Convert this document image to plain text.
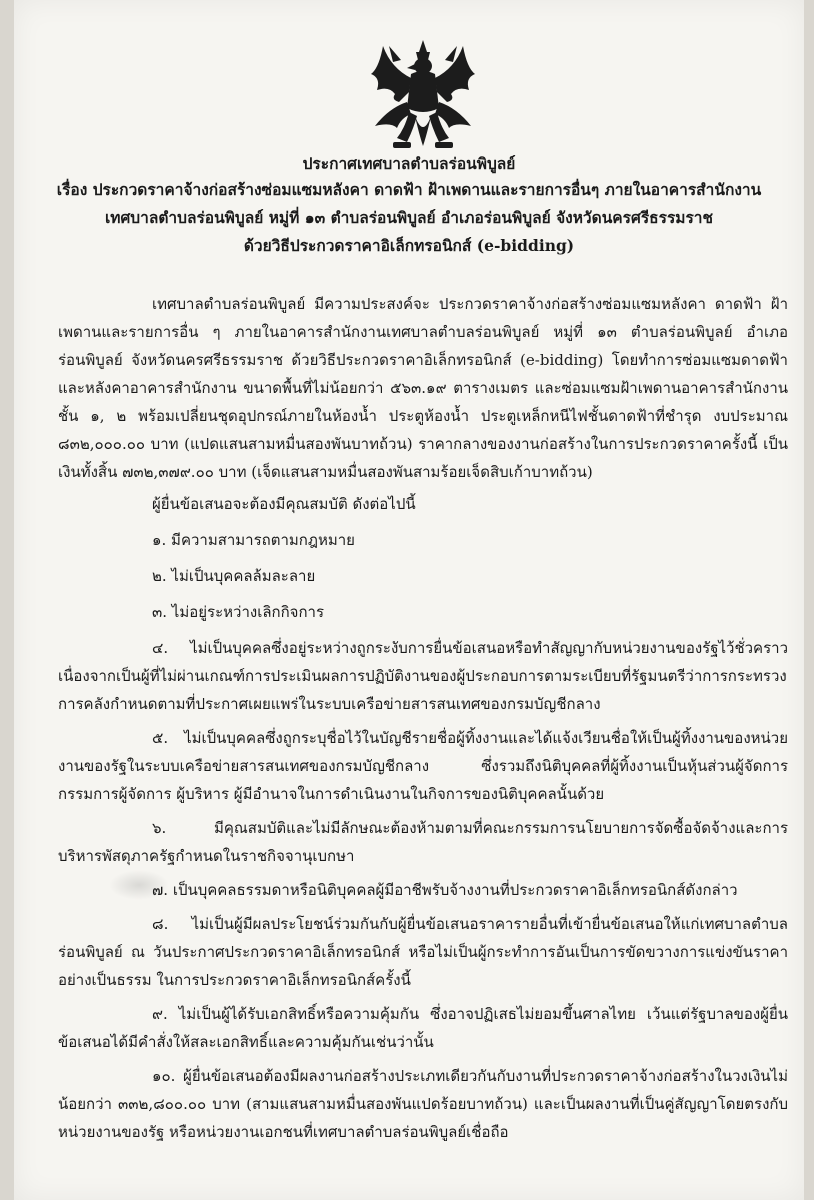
ประกาศเทศบาลตำบลร่อนพิบูลย์
เรื่อง ประกวดราคาจ้างก่อสร้างซ่อมแซมหลังคา ดาดฟ้า ฝ้าเพดานและรายการอื่นๆ ภายในอาคารสำนักงาน
เทศบาลตำบลร่อนพิบูลย์ หมู่ที่ ๑๓ ตำบลร่อนพิบูลย์ อำเภอร่อนพิบูลย์ จังหวัดนครศรีธรรมราช
ด้วยวิธีประกวดราคาอิเล็กทรอนิกส์ (e-bidding)

เทศบาลตำบลร่อนพิบูลย์ มีความประสงค์จะ ประกวดราคาจ้างก่อสร้างซ่อมแซมหลังคา ดาดฟ้า ฝ้าเพดานและรายการอื่น ๆ ภายในอาคารสำนักงานเทศบาลตำบลร่อนพิบูลย์ หมู่ที่ ๑๓ ตำบลร่อนพิบูลย์ อำเภอร่อนพิบูลย์ จังหวัดนครศรีธรรมราช ด้วยวิธีประกวดราคาอิเล็กทรอนิกส์ (e-bidding) โดยทำการซ่อมแซมดาดฟ้าและหลังคาอาคารสำนักงาน ขนาดพื้นที่ไม่น้อยกว่า ๕๖๓.๑๙ ตารางเมตร และซ่อมแซมฝ้าเพดานอาคารสำนักงาน ชั้น ๑, ๒ พร้อมเปลี่ยนชุดอุปกรณ์ภายในห้องน้ำ ประตูห้องน้ำ ประตูเหล็กหนีไฟชั้นดาดฟ้าที่ชำรุด งบประมาณ ๘๓๒,๐๐๐.๐๐ บาท (แปดแสนสามหมื่นสองพันบาทถ้วน) ราคากลางของงานก่อสร้างในการประกวดราคาครั้งนี้ เป็นเงินทั้งสิ้น ๗๓๒,๓๗๙.๐๐ บาท (เจ็ดแสนสามหมื่นสองพันสามร้อยเจ็ดสิบเก้าบาทถ้วน)

ผู้ยื่นข้อเสนอจะต้องมีคุณสมบัติ ดังต่อไปนี้

๑. มีความสามารถตามกฎหมาย

๒. ไม่เป็นบุคคลล้มละลาย

๓. ไม่อยู่ระหว่างเลิกกิจการ

๔. ไม่เป็นบุคคลซึ่งอยู่ระหว่างถูกระงับการยื่นข้อเสนอหรือทำสัญญากับหน่วยงานของรัฐไว้ชั่วคราว เนื่องจากเป็นผู้ที่ไม่ผ่านเกณฑ์การประเมินผลการปฏิบัติงานของผู้ประกอบการตามระเบียบที่รัฐมนตรีว่าการกระทรวงการคลังกำหนดตามที่ประกาศเผยแพร่ในระบบเครือข่ายสารสนเทศของกรมบัญชีกลาง

๕. ไม่เป็นบุคคลซึ่งถูกระบุชื่อไว้ในบัญชีรายชื่อผู้ทิ้งงานและได้แจ้งเวียนชื่อให้เป็นผู้ทิ้งงานของหน่วยงานของรัฐในระบบเครือข่ายสารสนเทศของกรมบัญชีกลาง ซึ่งรวมถึงนิติบุคคลที่ผู้ทิ้งงานเป็นหุ้นส่วนผู้จัดการ กรรมการผู้จัดการ ผู้บริหาร ผู้มีอำนาจในการดำเนินงานในกิจการของนิติบุคคลนั้นด้วย

๖. มีคุณสมบัติและไม่มีลักษณะต้องห้ามตามที่คณะกรรมการนโยบายการจัดซื้อจัดจ้างและการบริหารพัสดุภาครัฐกำหนดในราชกิจจานุเบกษา

๗. เป็นบุคคลธรรมดาหรือนิติบุคคลผู้มีอาชีพรับจ้างงานที่ประกวดราคาอิเล็กทรอนิกส์ดังกล่าว

๘. ไม่เป็นผู้มีผลประโยชน์ร่วมกันกับผู้ยื่นข้อเสนอราคารายอื่นที่เข้ายื่นข้อเสนอให้แก่เทศบาลตำบลร่อนพิบูลย์ ณ วันประกาศประกวดราคาอิเล็กทรอนิกส์ หรือไม่เป็นผู้กระทำการอันเป็นการขัดขวางการแข่งขันราคาอย่างเป็นธรรม ในการประกวดราคาอิเล็กทรอนิกส์ครั้งนี้

๙. ไม่เป็นผู้ได้รับเอกสิทธิ์หรือความคุ้มกัน ซึ่งอาจปฏิเสธไม่ยอมขึ้นศาลไทย เว้นแต่รัฐบาลของผู้ยื่นข้อเสนอได้มีคำสั่งให้สละเอกสิทธิ์และความคุ้มกันเช่นว่านั้น

๑๐. ผู้ยื่นข้อเสนอต้องมีผลงานก่อสร้างประเภทเดียวกันกับงานที่ประกวดราคาจ้างก่อสร้างในวงเงินไม่น้อยกว่า ๓๓๒,๘๐๐.๐๐ บาท (สามแสนสามหมื่นสองพันแปดร้อยบาทถ้วน) และเป็นผลงานที่เป็นคู่สัญญาโดยตรงกับหน่วยงานของรัฐ หรือหน่วยงานเอกชนที่เทศบาลตำบลร่อนพิบูลย์เชื่อถือ
